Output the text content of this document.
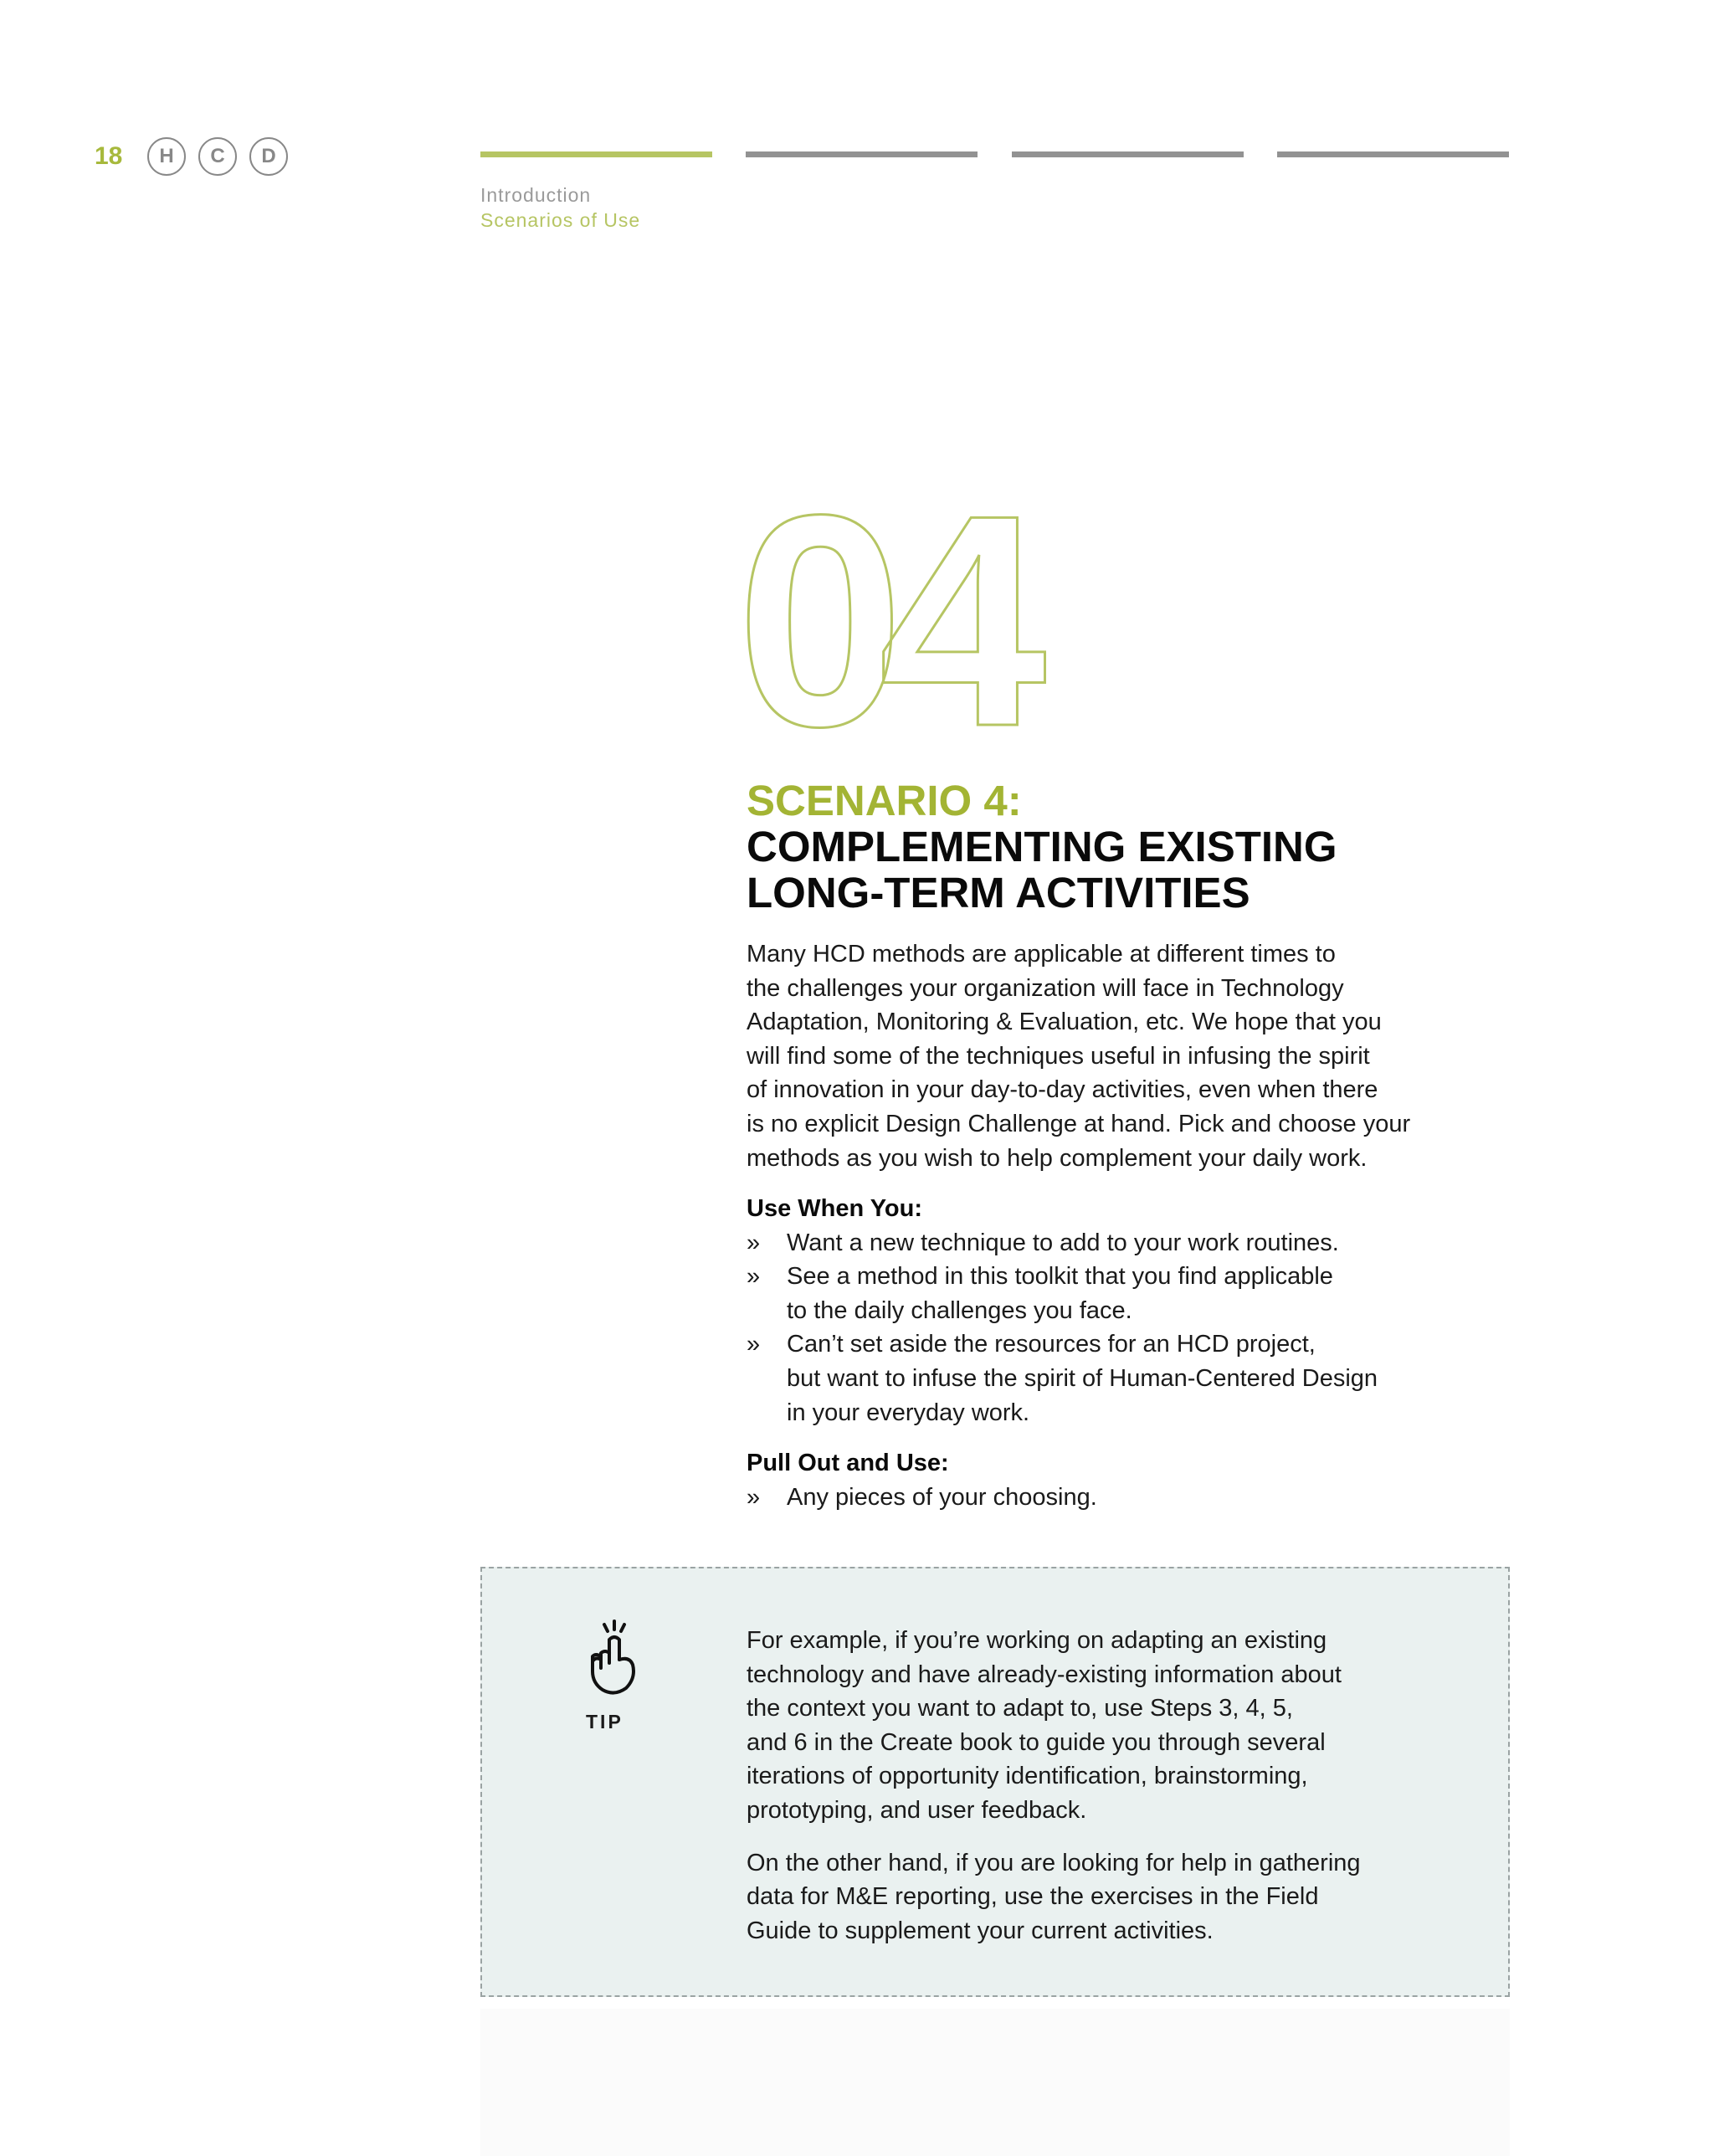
18	H	C	D
Introduction
Scenarios of Use
04
SCENARIO 4:
COMPLEMENTING EXISTING
LONG-TERM ACTIVITIES

Many HCD methods are applicable at different times to

the challenges your organization will face in Technology

Adaptation, Monitoring & Evaluation, etc. We hope that you

will find some of the techniques useful in infusing the spirit

of innovation in your day-to-day activities, even when there

is no explicit Design Challenge at hand. Pick and choose your

methods as you wish to help complement your daily work.

Use When You:

» Want a new technique to add to your work routines.

» See a method in this toolkit that you find applicable

to the daily challenges you face.

» Can’t set aside the resources for an HCD project,

but want to infuse the spirit of Human-Centered Design

in your everyday work.

Pull Out and Use:

» Any pieces of your choosing.

TIP

For example, if you’re working on adapting an existing
technology and have already-existing information about
the context you want to adapt to, use Steps 3, 4, 5,
and 6 in the Create book to guide you through several
iterations of opportunity identification, brainstorming,
prototyping, and user feedback.

On the other hand, if you are looking for help in gathering
data for M&E reporting, use the exercises in the Field
Guide to supplement your current activities.
